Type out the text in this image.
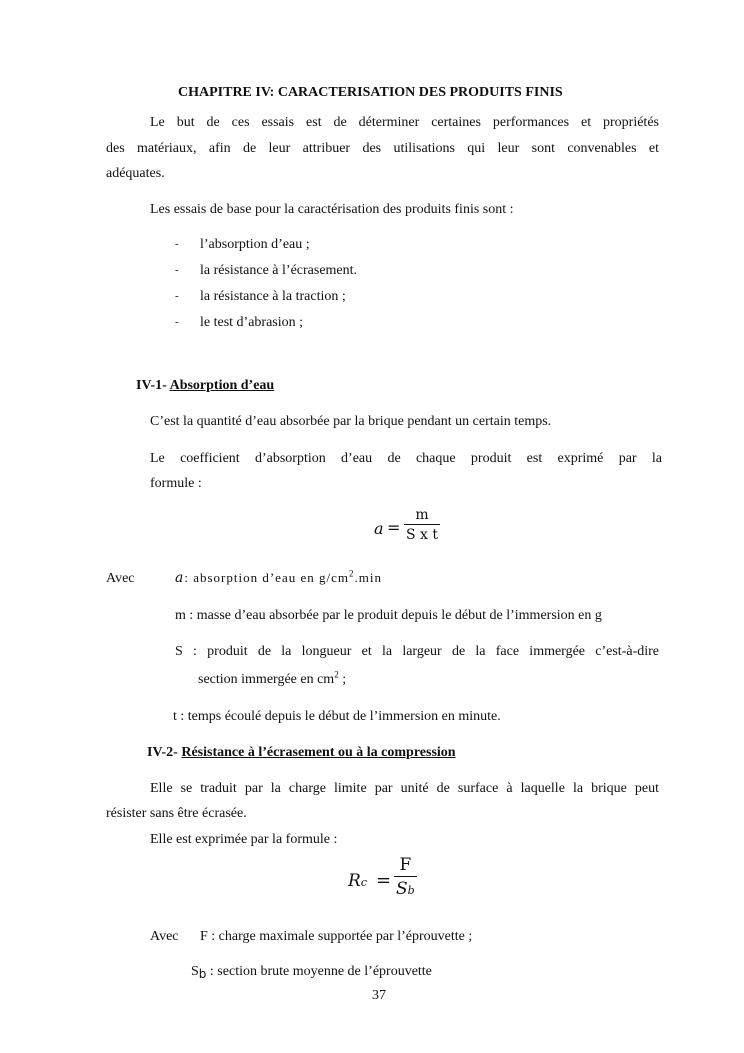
CHAPITRE IV: CARACTERISATION DES PRODUITS FINIS
Le but de ces essais est de déterminer certaines performances et propriétés
des matériaux, afin de leur attribuer des utilisations qui leur sont convenables et
adéquates.
Les essais de base pour la caractérisation des produits finis sont :
- l’absorption d’eau ;
- la résistance à l’écrasement.
- la résistance à la traction ;
- le test d’abrasion ;
IV-1- Absorption d’eau
C’est la quantité d’eau absorbée par la brique pendant un certain temps.
Le coefficient d’absorption d’eau de chaque produit est exprimé par la
formule :
$a = \frac{m}{\text{S x t}}$
Avec	a: absorption d’eau en $g/cm^2.\min$
m : masse d’eau absorbée par le produit depuis le début de l’immersion en g
S : produit de la longueur et la largeur de la face immergée c’est-à-dire
section immergée en $cm^2$ ;
t : temps écoulé depuis le début de l’immersion en minute.
IV-2- Résistance à l’écrasement ou à la compression
Elle se traduit par la charge limite par unité de surface à laquelle la brique peut
résister sans être écrasée.
Elle est exprimée par la formule :
$Rc = \frac{F}{Sb}$
Avec F : charge maximale supportée par l’éprouvette ;
Sb : section brute moyenne de l’éprouvette
37
